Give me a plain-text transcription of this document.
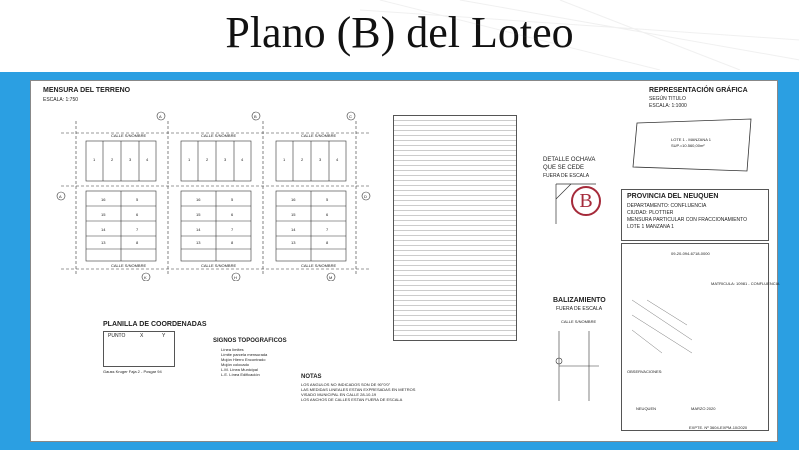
Plano (B) del Loteo
MENSURA DEL TERRENO
ESCALA: 1:750
CALLE S/NOMBRE	CALLE S/NOMBRE	CALLE S/NOMBRE
CALLE S/NOMBRE	CALLE S/NOMBRE	CALLE S/NOMBRE
A	B	C
A	D
K	H	M
1	2	3	4	1	2	3	4	1	2	3	4
16	5
15	6
14	7
13	8
16	5
15	6
14	7
13	8
16	5
15	6
14	7
13	8
PLANILLA DE COORDENADAS
PUNTO	X	Y
Gauss Kruger Faja 2 - Posgar 94
SIGNOS TOPOGRAFICOS
Línea límites
Límite parcela mensurada
Mojón Hierro Encontrado
Mojón colocado
L.M. Línea Municipal
L.E. Línea Edificación	NOTAS
LOS ANGULOS NO INDICADOS SON DE 90°0'0"
LAS MEDIDAS LINEALES ESTAN EXPRESADAS EN METROS
VISADO MUNICIPAL EN CALLE 28-10-19
LOS ANCHOS DE CALLES ESTAN FUERA DE ESCALA
B
DETALLE OCHAVA
QUE SE CEDE
FUERA DE ESCALA
BALIZAMIENTO
FUERA DE ESCALA
CALLE S/NOMBRE
REPRESENTACIÓN GRÁFICA
SEGÚN TITULO
ESCALA: 1:1000
LOTE 1 - MANZANA 1
SUP.=10.560,00m²
PROVINCIA DEL NEUQUEN
DEPARTAMENTO: CONFLUENCIA
CIUDAD: PLOTTIER
MENSURA PARTICULAR CON FRACCIONAMIENTO
LOTE 1 MANZANA 1
09-20-094-6718-0000
MATRICULA: 10981 - CONFLUENCIA
OBSERVACIONES:
NEUQUEN	MARZO 2020
EXPTE. Nº 3604-EXPM-10/2020
